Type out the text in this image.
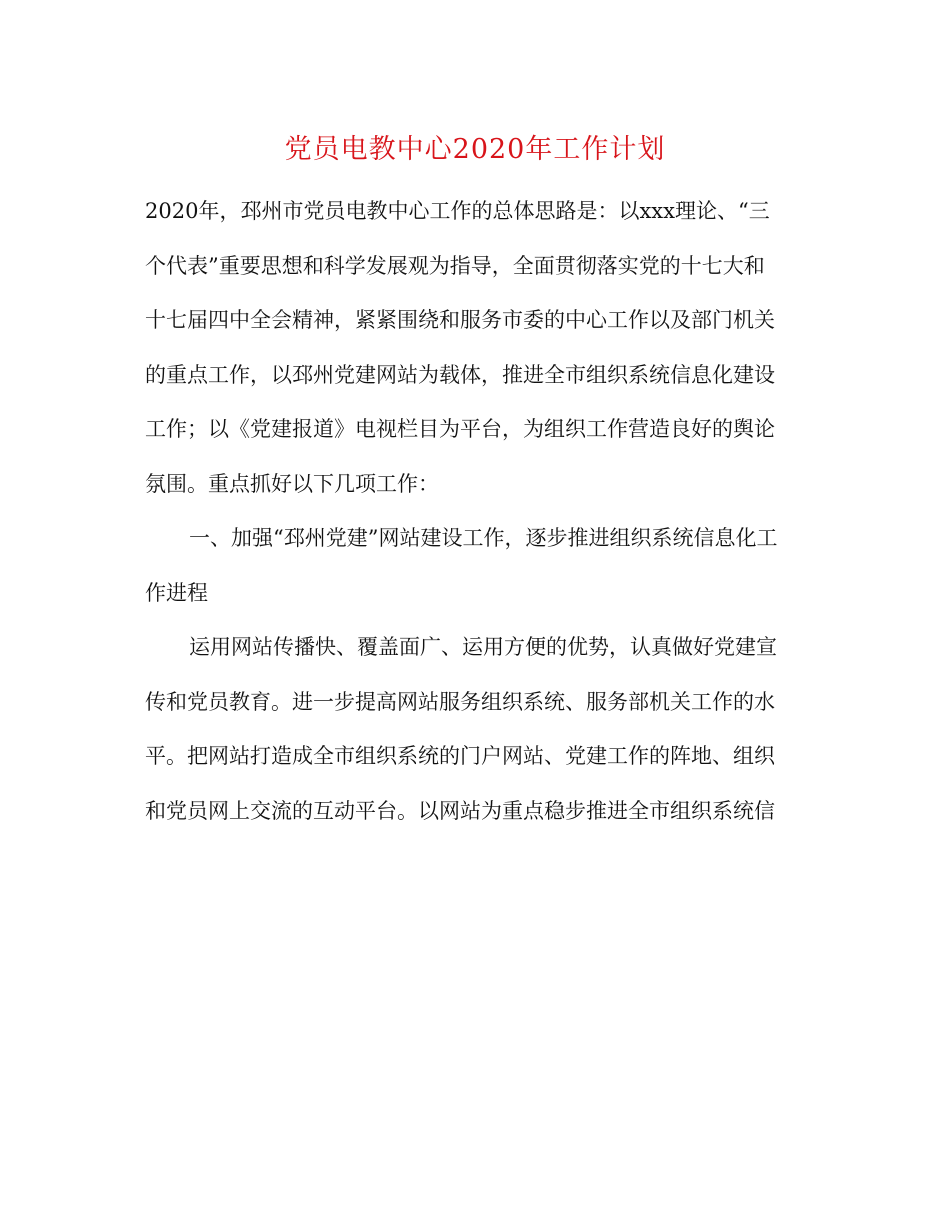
党员电教中心2020年工作计划
2020年，邳州市党员电教中心工作的总体思路是：以xxx理论、“三
个代表”重要思想和科学发展观为指导，全面贯彻落实党的十七大和
十七届四中全会精神，紧紧围绕和服务市委的中心工作以及部门机关
的重点工作，以邳州党建网站为载体，推进全市组织系统信息化建设
工作；以《党建报道》电视栏目为平台，为组织工作营造良好的舆论
氛围。重点抓好以下几项工作：
一、加强“邳州党建”网站建设工作，逐步推进组织系统信息化工
作进程
运用网站传播快、覆盖面广、运用方便的优势，认真做好党建宣
传和党员教育。进一步提高网站服务组织系统、服务部机关工作的水
平。把网站打造成全市组织系统的门户网站、党建工作的阵地、组织
和党员网上交流的互动平台。以网站为重点稳步推进全市组织系统信
